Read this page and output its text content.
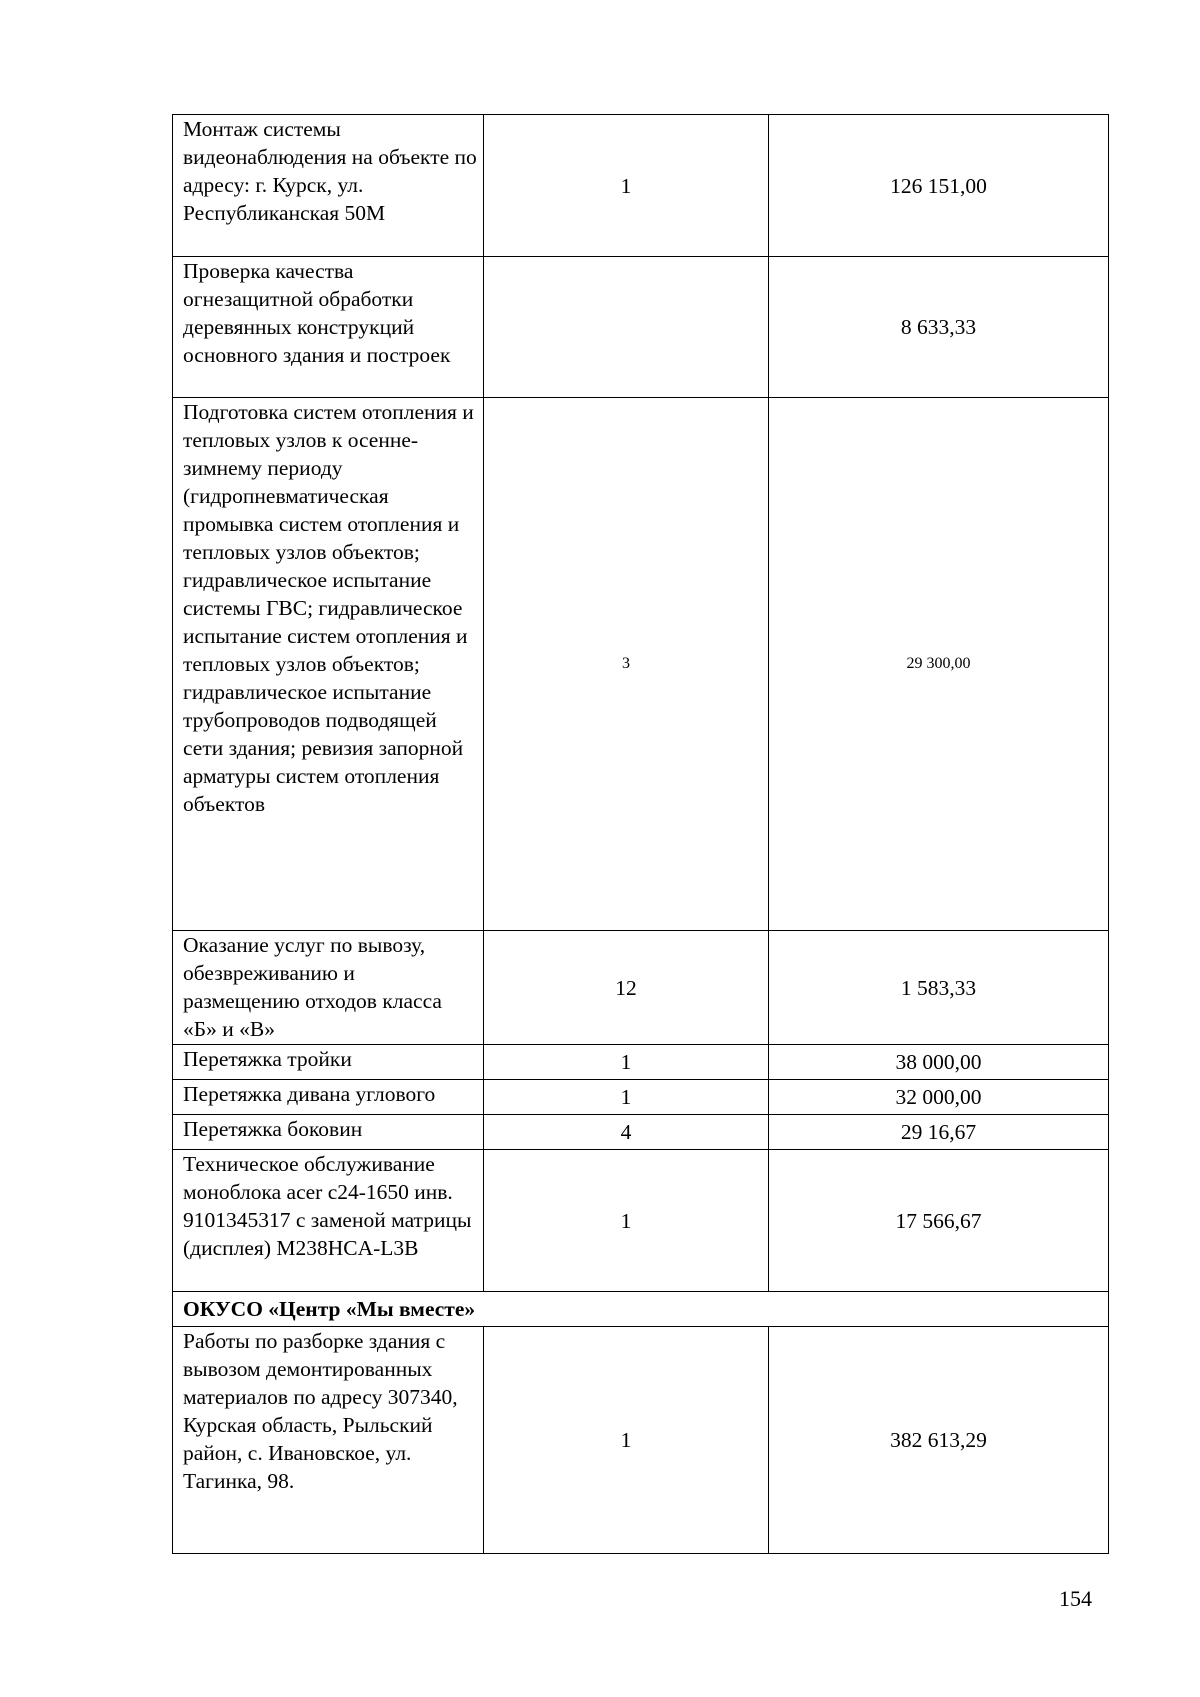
Монтаж системы видеонаблюдения на объекте по адресу: г. Курск, ул. Республиканская 50М	1	126 151,00
Проверка качества огнезащитной обработки деревянных конструкций основного здания и построек		8 633,33
Подготовка систем отопления и тепловых узлов к осенне-зимнему периоду (гидропневматическая промывка систем отопления и тепловых узлов объектов; гидравлическое испытание системы ГВС; гидравлическое испытание систем отопления и тепловых узлов объектов; гидравлическое испытание трубопроводов подводящей сети здания; ревизия запорной арматуры систем отопления объектов	3	29 300,00
Оказание услуг по вывозу, обезвреживанию и размещению отходов класса «Б» и «В»	12	1 583,33
Перетяжка тройки	1	38 000,00
Перетяжка дивана углового	1	32 000,00
Перетяжка боковин	4	29 16,67
Техническое обслуживание моноблока acer c24-1650 инв. 9101345317 с заменой матрицы (дисплея) M238HCA-L3B	1	17 566,67
ОКУСО «Центр «Мы вместе»		
Работы по разборке здания с вывозом демонтированных материалов по адресу 307340, Курская область, Рыльский район, с. Ивановское, ул. Тагинка, 98.	1	382 613,29
154
